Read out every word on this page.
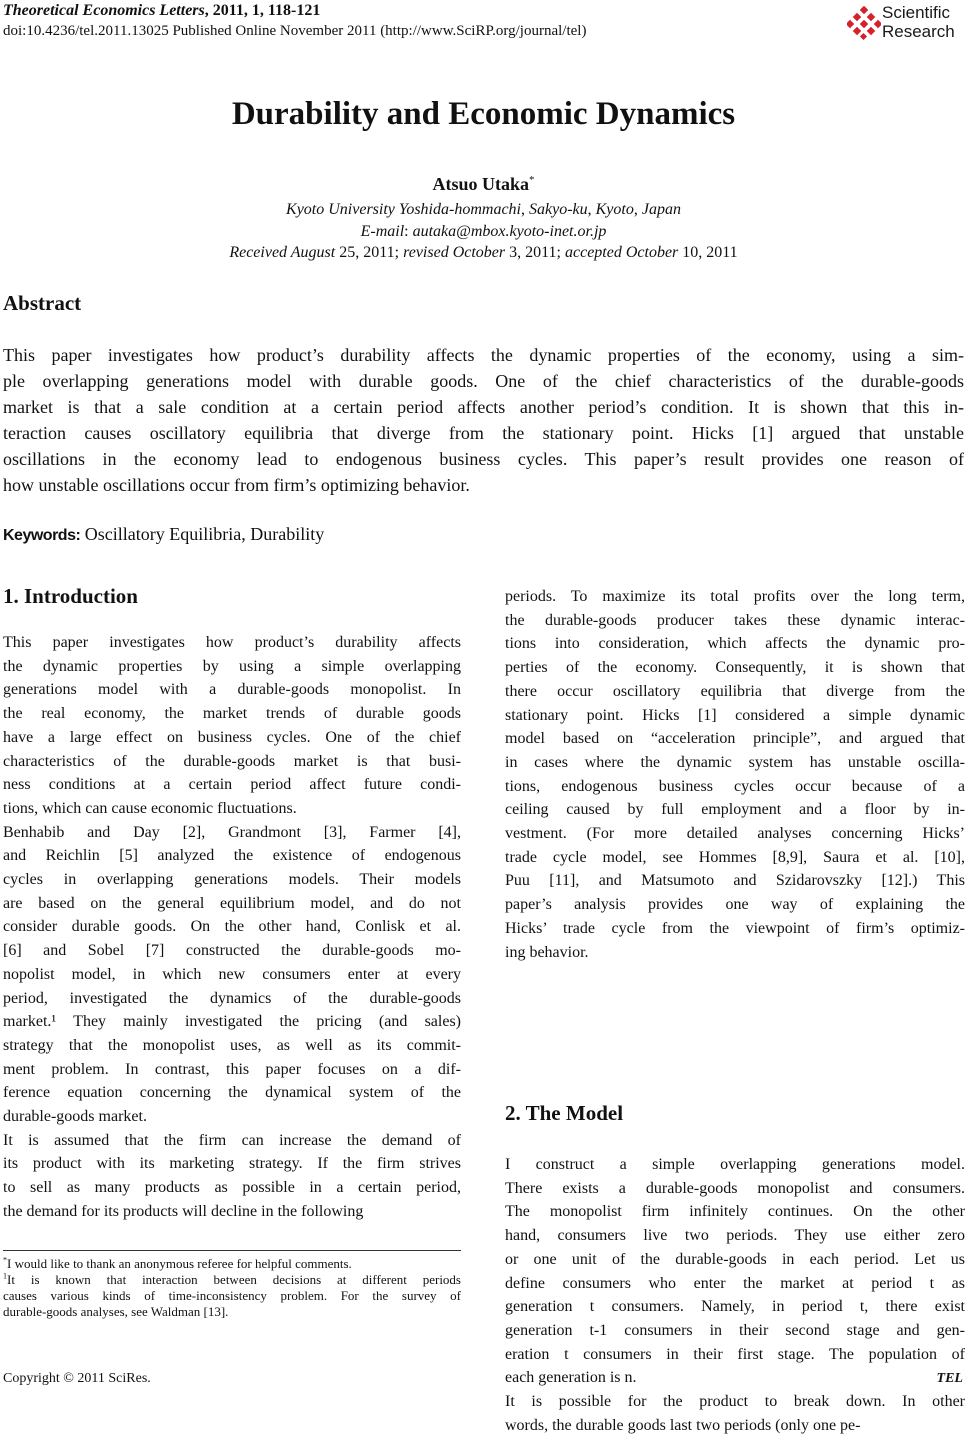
Theoretical Economics Letters, 2011, 1, 118-121
doi:10.4236/tel.2011.13025 Published Online November 2011 (http://www.SciRP.org/journal/tel)
Scientific
Research
Durability and Economic Dynamics
Atsuo Utaka*
Kyoto University Yoshida-hommachi, Sakyo-ku, Kyoto, Japan
E-mail: autaka@mbox.kyoto-inet.or.jp
Received August 25, 2011; revised October 3, 2011; accepted October 10, 2011
Abstract
This paper investigates how product’s durability affects the dynamic properties of the economy, using a sim-
ple overlapping generations model with durable goods. One of the chief characteristics of the durable-goods
market is that a sale condition at a certain period affects another period’s condition. It is shown that this in-
teraction causes oscillatory equilibria that diverge from the stationary point. Hicks [1] argued that unstable
oscillations in the economy lead to endogenous business cycles. This paper’s result provides one reason of
how unstable oscillations occur from firm’s optimizing behavior.
Keywords: Oscillatory Equilibria, Durability
1. Introduction
This paper investigates how product’s durability affects
the dynamic properties by using a simple overlapping
generations model with a durable-goods monopolist. In
the real economy, the market trends of durable goods
have a large effect on business cycles. One of the chief
characteristics of the durable-goods market is that busi-
ness conditions at a certain period affect future condi-
tions, which can cause economic fluctuations.
Benhabib and Day [2], Grandmont [3], Farmer [4],
and Reichlin [5] analyzed the existence of endogenous
cycles in overlapping generations models. Their models
are based on the general equilibrium model, and do not
consider durable goods. On the other hand, Conlisk et al.
[6] and Sobel [7] constructed the durable-goods mo-
nopolist model, in which new consumers enter at every
period, investigated the dynamics of the durable-goods
market.¹ They mainly investigated the pricing (and sales)
strategy that the monopolist uses, as well as its commit-
ment problem. In contrast, this paper focuses on a dif-
ference equation concerning the dynamical system of the
durable-goods market.
It is assumed that the firm can increase the demand of
its product with its marketing strategy. If the firm strives
to sell as many products as possible in a certain period,
the demand for its products will decline in the following
periods. To maximize its total profits over the long term,
the durable-goods producer takes these dynamic interac-
tions into consideration, which affects the dynamic pro-
perties of the economy. Consequently, it is shown that
there occur oscillatory equilibria that diverge from the
stationary point. Hicks [1] considered a simple dynamic
model based on “acceleration principle”, and argued that
in cases where the dynamic system has unstable oscilla-
tions, endogenous business cycles occur because of a
ceiling caused by full employment and a floor by in-
vestment. (For more detailed analyses concerning Hicks’
trade cycle model, see Hommes [8,9], Saura et al. [10],
Puu [11], and Matsumoto and Szidarovszky [12].) This
paper’s analysis provides one way of explaining the
Hicks’ trade cycle from the viewpoint of firm’s optimiz-
ing behavior.
I construct a simple overlapping generations model.
There exists a durable-goods monopolist and consumers.
The monopolist firm infinitely continues. On the other
hand, consumers live two periods. They use either zero
or one unit of the durable-goods in each period. Let us
define consumers who enter the market at period t as
generation t consumers. Namely, in period t, there exist
generation t-1 consumers in their second stage and gen-
eration t consumers in their first stage. The population of
each generation is n.
It is possible for the product to break down. In other
words, the durable goods last two periods (only one pe-
2. The Model
*I would like to thank an anonymous referee for helpful comments.
$^1$It is known that interaction between decisions at different periods
causes various kinds of time-inconsistency problem. For the survey of
durable-goods analyses, see Waldman [13].
Copyright © 2011 SciRes.	TEL
